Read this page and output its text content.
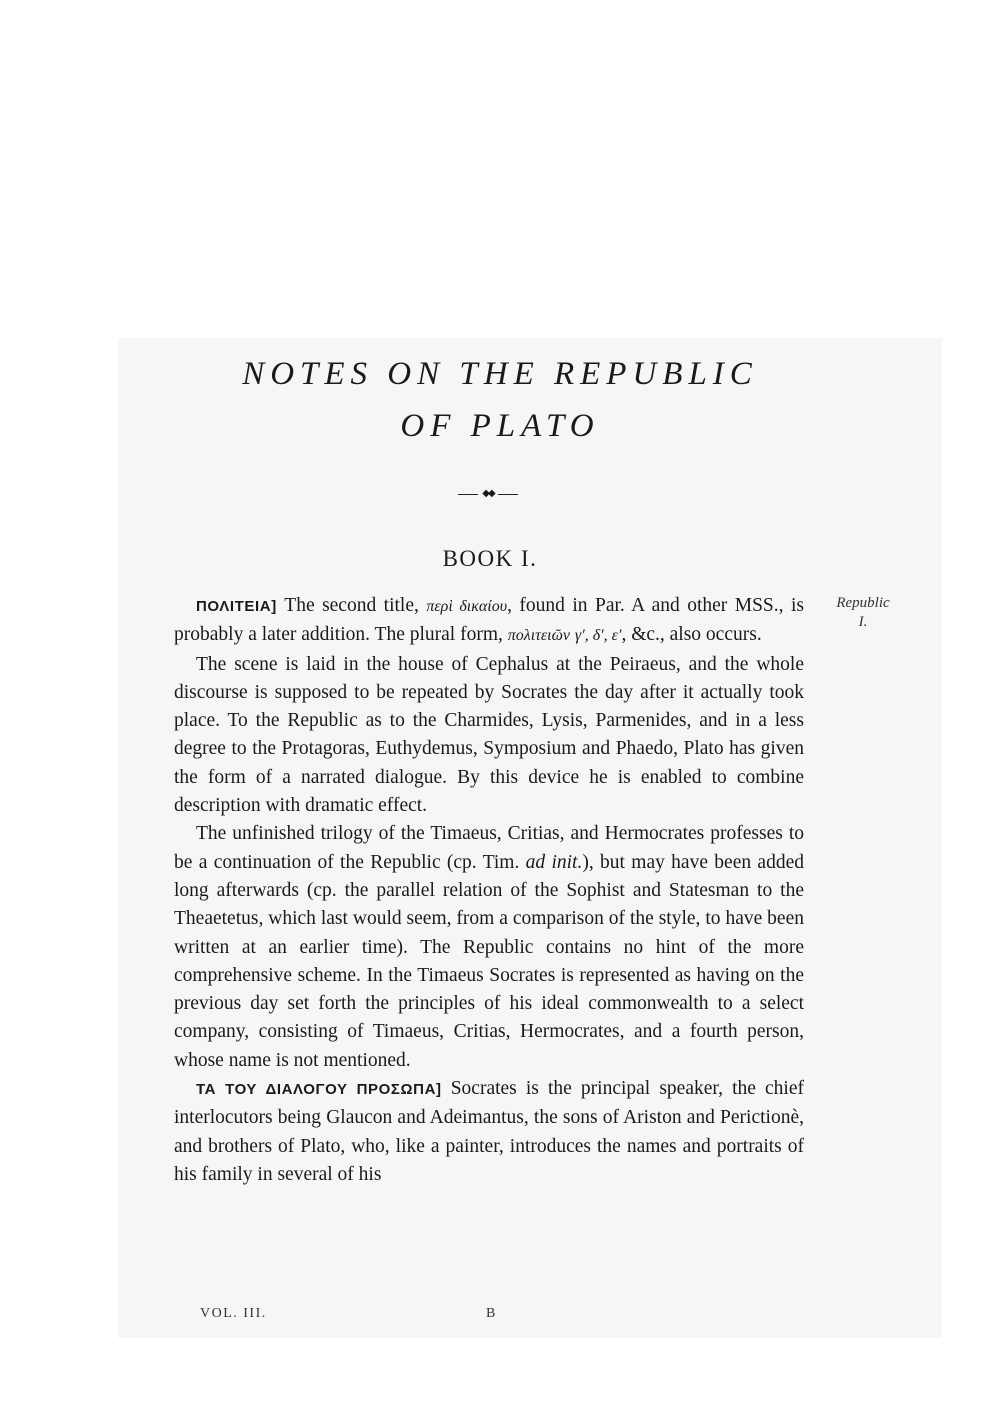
NOTES ON THE REPUBLIC
OF PLATO
◆◆
BOOK I.
Republic
I.

ΠΟΛΙΤΕΙΑ] The second title, περὶ δικαίου, found in Par. A and other MSS., is probably a later addition. The plural form, πολιτειῶν γ′, δ′, ε′, &c., also occurs.

The scene is laid in the house of Cephalus at the Peiraeus, and the whole discourse is supposed to be repeated by Socrates the day after it actually took place. To the Republic as to the Charmides, Lysis, Parmenides, and in a less degree to the Protagoras, Euthydemus, Symposium and Phaedo, Plato has given the form of a narrated dialogue. By this device he is enabled to combine description with dramatic effect.

The unfinished trilogy of the Timaeus, Critias, and Hermocrates professes to be a continuation of the Republic (cp. Tim. ad init.), but may have been added long afterwards (cp. the parallel relation of the Sophist and Statesman to the Theaetetus, which last would seem, from a comparison of the style, to have been written at an earlier time). The Republic contains no hint of the more comprehensive scheme. In the Timaeus Socrates is represented as having on the previous day set forth the principles of his ideal commonwealth to a select company, consisting of Timaeus, Critias, Hermocrates, and a fourth person, whose name is not mentioned.

ΤΑ ΤΟΥ ΔΙΑΛΟΓΟΥ ΠΡΟΣΩΠΑ] Socrates is the principal speaker, the chief interlocutors being Glaucon and Adeimantus, the sons of Ariston and Perictionè, and brothers of Plato, who, like a painter, introduces the names and portraits of his family in several of his

VOL. III.	B
